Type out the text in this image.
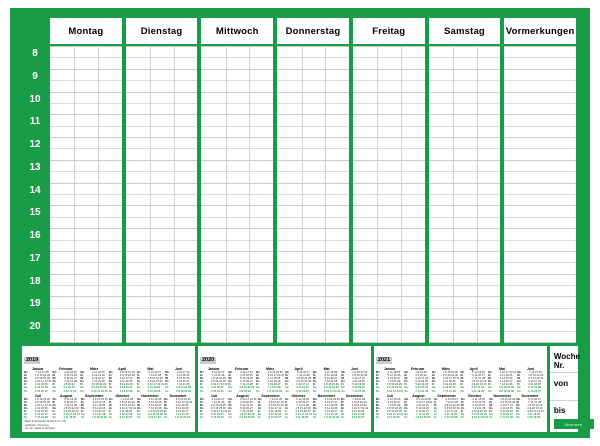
Montag	Dienstag	Mittwoch	Donnerstag	Freitag	Samstag	Vormerkungen
8
9
10
11
12
13
14
15
16
17
18
19
20
2019
Januar
Mo	7 14 21 28
Di	1 8 15 22 29
Mi	2 9 16 23 30
Do	3 10 17 24 31
Fr	4 11 18 25
Sa	5 12 19 26
So	6 13 20 27
Februar
Mo	4 11 18 25
Di	5 12 19 26
Mi	6 13 20 27
Do	7 14 21 28
Fr	1 8 15 22
Sa	2 9 16 23
So	3 10 17 24
März
Mo	4 11 18 25
Di	5 12 19 26
Mi	6 13 20 27
Do	7 14 21 28
Fr	1 8 15 22 29
Sa	2 9 16 23 30
So	3 10 17 24 31
April
Mo	1 8 15 22 29
Di	2 9 16 23 30
Mi	3 10 17 24
Do	4 11 18 25
Fr	5 12 19 26
Sa	6 13 20 27
So	7 14 21 28
Mai
Mo	6 13 20 27
Di	7 14 21 28
Mi	1 8 15 22 29
Do	2 9 16 23 30
Fr	3 10 17 24 31
Sa	4 11 18 25
So	5 12 19 26
Juni
Mo	3 10 17 24
Di	4 11 18 25
Mi	5 12 19 26
Do	6 13 20 27
Fr	7 14 21 28
Sa	1 8 15 22 29
So	2 9 16 23 30
Juli
Mo	1 8 15 22 29
Di	2 9 16 23 30
Mi	3 10 17 24 31
Do	4 11 18 25
Fr	5 12 19 26
Sa	6 13 20 27
So	7 14 21 28
August
Mo	5 12 19 26
Di	6 13 20 27
Mi	7 14 21 28
Do	1 8 15 22 29
Fr	2 9 16 23 30
Sa	3 10 17 24 31
So	4 11 18 25
September
Mo	2 9 16 23 30
Di	3 10 17 24
Mi	4 11 18 25
Do	5 12 19 26
Fr	6 13 20 27
Sa	7 14 21 28
So	1 8 15 22 29
Oktober
Mo	7 14 21 28
Di	1 8 15 22 29
Mi	2 9 16 23 30
Do	3 10 17 24 31
Fr	4 11 18 25
Sa	5 12 19 26
So	6 13 20 27
November
Mo	4 11 18 25
Di	5 12 19 26
Mi	6 13 20 27
Do	7 14 21 28
Fr	1 8 15 22 29
Sa	2 9 16 23 30
So	3 10 17 24
Dezember
Mo	2 9 16 23 30
Di	3 10 17 24 31
Mi	4 11 18 25
Do	5 12 19 26
Fr	6 13 20 27
Sa	7 14 21 28
So	1 8 15 22 29
Baier & Schneider GmbH & Co. KG
Heilbronn / Germany
Art.-Nr.: Made in Germany
2020
Januar
Mo	6 13 20 27
Di	7 14 21 28
Mi	1 8 15 22 29
Do	2 9 16 23 30
Fr	3 10 17 24 31
Sa	4 11 18 25
So	5 12 19 26
Februar
Mo	3 10 17 24
Di	4 11 18 25
Mi	5 12 19 26
Do	6 13 20 27
Fr	7 14 21 28
Sa	1 8 15 22 29
So	2 9 16 23
März
Mo	2 9 16 23 30
Di	3 10 17 24 31
Mi	4 11 18 25
Do	5 12 19 26
Fr	6 13 20 27
Sa	7 14 21 28
So	1 8 15 22 29
April
Mo	6 13 20 27
Di	7 14 21 28
Mi	1 8 15 22 29
Do	2 9 16 23 30
Fr	3 10 17 24
Sa	4 11 18 25
So	5 12 19 26
Mai
Mo	4 11 18 25
Di	5 12 19 26
Mi	6 13 20 27
Do	7 14 21 28
Fr	1 8 15 22 29
Sa	2 9 16 23 30
So	3 10 17 24 31
Juni
Mo	1 8 15 22 29
Di	2 9 16 23 30
Mi	3 10 17 24
Do	4 11 18 25
Fr	5 12 19 26
Sa	6 13 20 27
So	7 14 21 28
Juli
Mo	6 13 20 27
Di	7 14 21 28
Mi	1 8 15 22 29
Do	2 9 16 23 30
Fr	3 10 17 24 31
Sa	4 11 18 25
So	5 12 19 26
August
Mo	3 10 17 24 31
Di	4 11 18 25
Mi	5 12 19 26
Do	6 13 20 27
Fr	7 14 21 28
Sa	1 8 15 22 29
So	2 9 16 23 30
September
Mo	7 14 21 28
Di	1 8 15 22 29
Mi	2 9 16 23 30
Do	3 10 17 24
Fr	4 11 18 25
Sa	5 12 19 26
So	6 13 20 27
Oktober
Mo	5 12 19 26
Di	6 13 20 27
Mi	7 14 21 28
Do	1 8 15 22 29
Fr	2 9 16 23 30
Sa	3 10 17 24 31
So	4 11 18 25
November
Mo	2 9 16 23 30
Di	3 10 17 24
Mi	4 11 18 25
Do	5 12 19 26
Fr	6 13 20 27
Sa	7 14 21 28
So	1 8 15 22 29
Dezember
Mo	7 14 21 28
Di	1 8 15 22 29
Mi	2 9 16 23 30
Do	3 10 17 24 31
Fr	4 11 18 25
Sa	5 12 19 26
So	6 13 20 27
2021
Januar
Mo	4 11 18 25
Di	5 12 19 26
Mi	6 13 20 27
Do	7 14 21 28
Fr	1 8 15 22 29
Sa	2 9 16 23 30
So	3 10 17 24 31
Februar
Mo	1 8 15 22
Di	2 9 16 23
Mi	3 10 17 24
Do	4 11 18 25
Fr	5 12 19 26
Sa	6 13 20 27
So	7 14 21 28
März
Mo	1 8 15 22 29
Di	2 9 16 23 30
Mi	3 10 17 24 31
Do	4 11 18 25
Fr	5 12 19 26
Sa	6 13 20 27
So	7 14 21 28
April
Mo	5 12 19 26
Di	6 13 20 27
Mi	7 14 21 28
Do	1 8 15 22 29
Fr	2 9 16 23 30
Sa	3 10 17 24
So	4 11 18 25
Mai
Mo	3 10 17 24 31
Di	4 11 18 25
Mi	5 12 19 26
Do	6 13 20 27
Fr	7 14 21 28
Sa	1 8 15 22 29
So	2 9 16 23 30
Juni
Mo	7 14 21 28
Di	1 8 15 22 29
Mi	2 9 16 23 30
Do	3 10 17 24
Fr	4 11 18 25
Sa	5 12 19 26
So	6 13 20 27
Juli
Mo	5 12 19 26
Di	6 13 20 27
Mi	7 14 21 28
Do	1 8 15 22 29
Fr	2 9 16 23 30
Sa	3 10 17 24 31
So	4 11 18 25
August
Mo	2 9 16 23 30
Di	3 10 17 24 31
Mi	4 11 18 25
Do	5 12 19 26
Fr	6 13 20 27
Sa	7 14 21 28
So	1 8 15 22 29
September
Mo	6 13 20 27
Di	7 14 21 28
Mi	1 8 15 22 29
Do	2 9 16 23 30
Fr	3 10 17 24
Sa	4 11 18 25
So	5 12 19 26
Oktober
Mo	4 11 18 25
Di	5 12 19 26
Mi	6 13 20 27
Do	7 14 21 28
Fr	1 8 15 22 29
Sa	2 9 16 23 30
So	3 10 17 24 31
November
Mo	1 8 15 22 29
Di	2 9 16 23 30
Mi	3 10 17 24
Do	4 11 18 25
Fr	5 12 19 26
Sa	6 13 20 27
So	7 14 21 28
Dezember
Mo	6 13 20 27
Di	7 14 21 28
Mi	1 8 15 22 29
Do	2 9 16 23 30
Fr	3 10 17 24 31
Sa	4 11 18 25
So	5 12 19 26
Woche Nr.
von
bis
Brunnen
